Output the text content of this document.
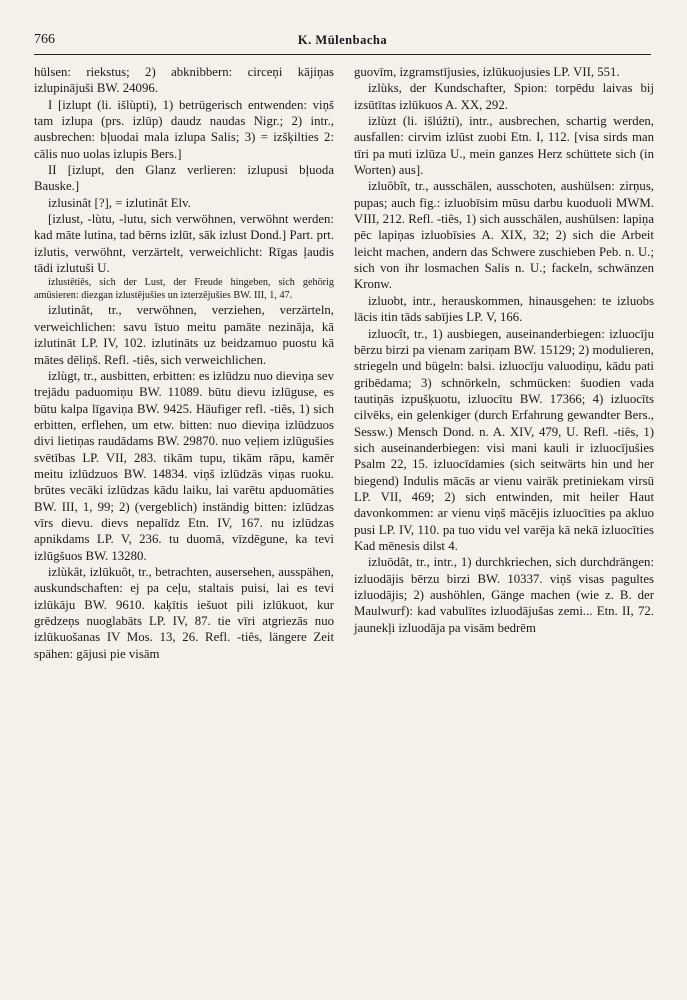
766	K. Mülenbacha

hülsen: riekstus; 2) abknibbern: circeņi kājiņas izlupinājuši BW. 24096.

I [izlupt (li. išlùpti), 1) betrügerisch entwenden: viņš tam izlupa (prs. izlūp) daudz naudas Nigr.; 2) intr., ausbrechen: bļuodai mala izlupa Salis; 3) = izšķilties 2: cālis nuo uolas izlupis Bers.]

II [izlupt, den Glanz verlieren: izlupusi bļuoda Bauske.]

izlusinât [?], = izlutinât Elv.

[izlust, -lùtu, -lutu, sich verwöhnen, verwöhnt werden: kad māte lutina, tad bērns izlūt, sāk izlust Dond.] Part. prt. izlutis, verwöhnt, verzärtelt, verweichlicht: Rīgas ļaudis tādi izlutuši U.

izlustêtiês, sich der Lust, der Freude hingeben, sich gehörig amüsieren: diezgan izlustējušies un izterzējušies BW. III, 1, 47.

izlutinât, tr., verwöhnen, verziehen, verzärteln, verweichlichen: savu īstuo meitu pamāte nezināja, kā izlutināt LP. IV, 102. izlutināts uz beidzamuo puostu kā mātes dēliņš. Refl. -tiês, sich verweichlichen.

izlùgt, tr., ausbitten, erbitten: es izlūdzu nuo dieviņa sev trejādu paduomiņu BW. 11089. būtu dievu izlūguse, es būtu kalpa līgaviņa BW. 9425. Häufiger refl. -tiês, 1) sich erbitten, erflehen, um etw. bitten: nuo dieviņa izlūdzuos divi lietiņas raudādams BW. 29870. nuo veļiem izlūgušies svētības LP. VII, 283. tikām tupu, tikām rāpu, kamēr meitu izlūdzuos BW. 14834. viņš izlūdzās viņas ruoku. brūtes vecāki izlūdzas kādu laiku, lai varētu apduomāties BW. III, 1, 99; 2) (vergeblich) inständig bitten: izlūdzas vīrs dievu. dievs nepalīdz Etn. IV, 167. nu izlūdzas apnikdams LP. V, 236. tu duomā, vīzdēgune, ka tevi izlūgšuos BW. 13280.

izlùkât, izlūkuôt, tr., betrachten, ausersehen, ausspähen, auskundschaften: ej pa ceļu, staltais puisi, lai es tevi izlūkāju BW. 9610. kaķītis iešuot pili izlūkuot, kur grēdzeņs nuoglabāts LP. IV, 87. tie vīri atgriezās nuo izlūkuošanas IV Mos. 13, 26. Refl. -tiês, längere Zeit spähen: gājusi pie visām

guovīm, izgramstījusies, izlūkuojusies LP. VII, 551.

izlùks, der Kundschafter, Spion: torpēdu laivas bij izsūtītas izlūkuos A. XX, 292.

izlùzt (li. išlúžti), intr., ausbrechen, schartig werden, ausfallen: cirvim izlūst zuobi Etn. I, 112. [visa sirds man tīri pa muti izlūza U., mein ganzes Herz schüttete sich (in Worten) aus].

izluôbît, tr., ausschälen, ausschoten, aushülsen: zirņus, pupas; auch fig.: izluobīsim mūsu darbu kuoduoli MWM. VIII, 212. Refl. -tiês, 1) sich ausschälen, aushülsen: lapiņa pēc lapiņas izluobīsies A. XIX, 32; 2) sich die Arbeit leicht machen, andern das Schwere zuschieben Peb. n. U.; sich von ihr losmachen Salis n. U.; fackeln, schwänzen Kronw.

izluobt, intr., herauskommen, hinausgehen: te izluobs lācis itin tāds sabījies LP. V, 166.

izluocît, tr., 1) ausbiegen, auseinanderbiegen: izluocīju bērzu birzi pa vienam zariņam BW. 15129; 2) modulieren, striegeln und bügeln: balsi. izluocīju valuodiņu, kādu pati gribēdama; 3) schnörkeln, schmücken: šuodien vada tautiņās izpušķuotu, izluocītu BW. 17366; 4) izluocīts cilvēks, ein gelenkiger (durch Erfahrung gewandter Bers., Sessw.) Mensch Dond. n. A. XIV, 479, U. Refl. -tiês, 1) sich auseinanderbiegen: visi mani kauli ir izluocījušies Psalm 22, 15. izluocīdamies (sich seitwärts hin und her biegend) Indulis mācās ar vienu vairāk pretiniekam virsū LP. VII, 469; 2) sich entwinden, mit heiler Haut davonkommen: ar vienu viņš mācējis izluocīties pa akluo pusi LP. IV, 110. pa tuo vidu vel varēja kā nekā izluocīties Kad mēnesis dilst 4.

izluōdât, tr., intr., 1) durchkriechen, sich durchdrängen: izluodājis bērzu birzi BW. 10337. viņš visas pagultes izluodājis; 2) aushöhlen, Gänge machen (wie z. B. der Maulwurf): kad vabulītes izluodājušas zemi... Etn. II, 72. jaunekļi izluodāja pa visām bedrēm
